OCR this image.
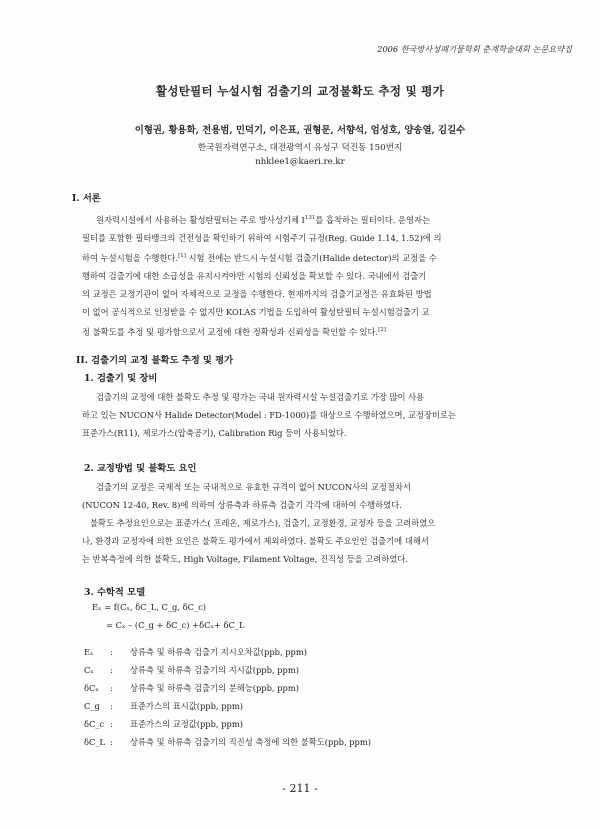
2006 한국방사성폐기물학회 춘계학술대회 논문요약집
활성탄필터 누설시험 검출기의 교정불확도 추정 및 평가
이형권, 황용화, 전용범, 민덕기, 이은표, 권형문, 서향석, 엄성호, 양송열, 김길수
한국원자력연구소, 대전광역시 유성구 덕진동 150번지
nhklee1@kaeri.re.kr
I. 서론
원자력시설에서 사용하는 활성탄필터는 주로 방사성기체 $I^{131}$를 흡착하는 필터이다. 운영자는
필터를 포함한 필터뱅크의 건전성을 확인하기 위하여 시험주기 규정(Reg. Guide 1.14, 1.52)에 의
하여 누설시험을 수행한다.[1] 시험 전에는 반드시 누설시험 검출기(Halide detector)의 교정을 수
행하여 검출기에 대한 소급성을 유지시켜야만 시험의 신뢰성을 확보할 수 있다. 국내에서 검출기
의 교정은 교정기관이 없어 자체적으로 교정을 수행한다. 현재까지의 검출기교정은 유효화된 방법
이 없어 공식적으로 인정받을 수 없지만 KOLAS 기법을 도입하여 활성탄필터 누설시험검출기 교
정 불확도를 추정 및 평가함으로서 교정에 대한 정확성과 신뢰성을 확인할 수 있다.[2]
II. 검출기의 교정 불확도 추정 및 평가
1. 검출기 및 장비
검출기의 교정에 대한 불확도 추정 및 평가는 국내 원자력시설 누설검출기로 가장 많이 사용
하고 있는 NUCON사 Halide Detector(Model : FD-1000)를 대상으로 수행하였으며, 교정장비로는
표준가스(R11), 제로가스(압축공기), Calibration Rig 등이 사용되었다.
2. 교정방법 및 불확도 요인
검출기의 교정은 국제적 또는 국내적으로 유효한 규격이 없어 NUCON사의 교정절차서
(NUCON 12-40, Rev. 8)에 의하여 상류측과 하류측 검출기 각각에 대하여 수행하였다.
불확도 추정요인으로는 표준가스( 프레온, 제로가스), 검출기, 교정환경, 교정자 등을 고려하였으
나, 환경과 교정자에 의한 요인은 불확도 평가에서 제외하였다. 불확도 주요인인 검출기에 대해서
는 반복측정에 의한 불확도, High Voltage, Filament Voltage, 진직성 등을 고려하였다.
3. 수학적 모델
Eₓ = f(Cₓ, δC_L, C_g, δC_c)
= Cₓ – (C_g + δC_c) +δCₓ+ δC_L
Eₓ : 상류측 및 하류측 검출기 지시오차값(ppb, ppm)
Cₓ : 상류측 및 하류측 검출기의 지시값(ppb, ppm)
δCₓ : 상류측 및 하류측 검출기의 분해능(ppb, ppm)
C_g : 표준가스의 표시값(ppb, ppm)
δC_c : 표준가스의 교정값(ppb, ppm)
δC_L : 상류측 및 하류측 검출기의 직진성 측정에 의한 불확도(ppb, ppm)
- 211 -
